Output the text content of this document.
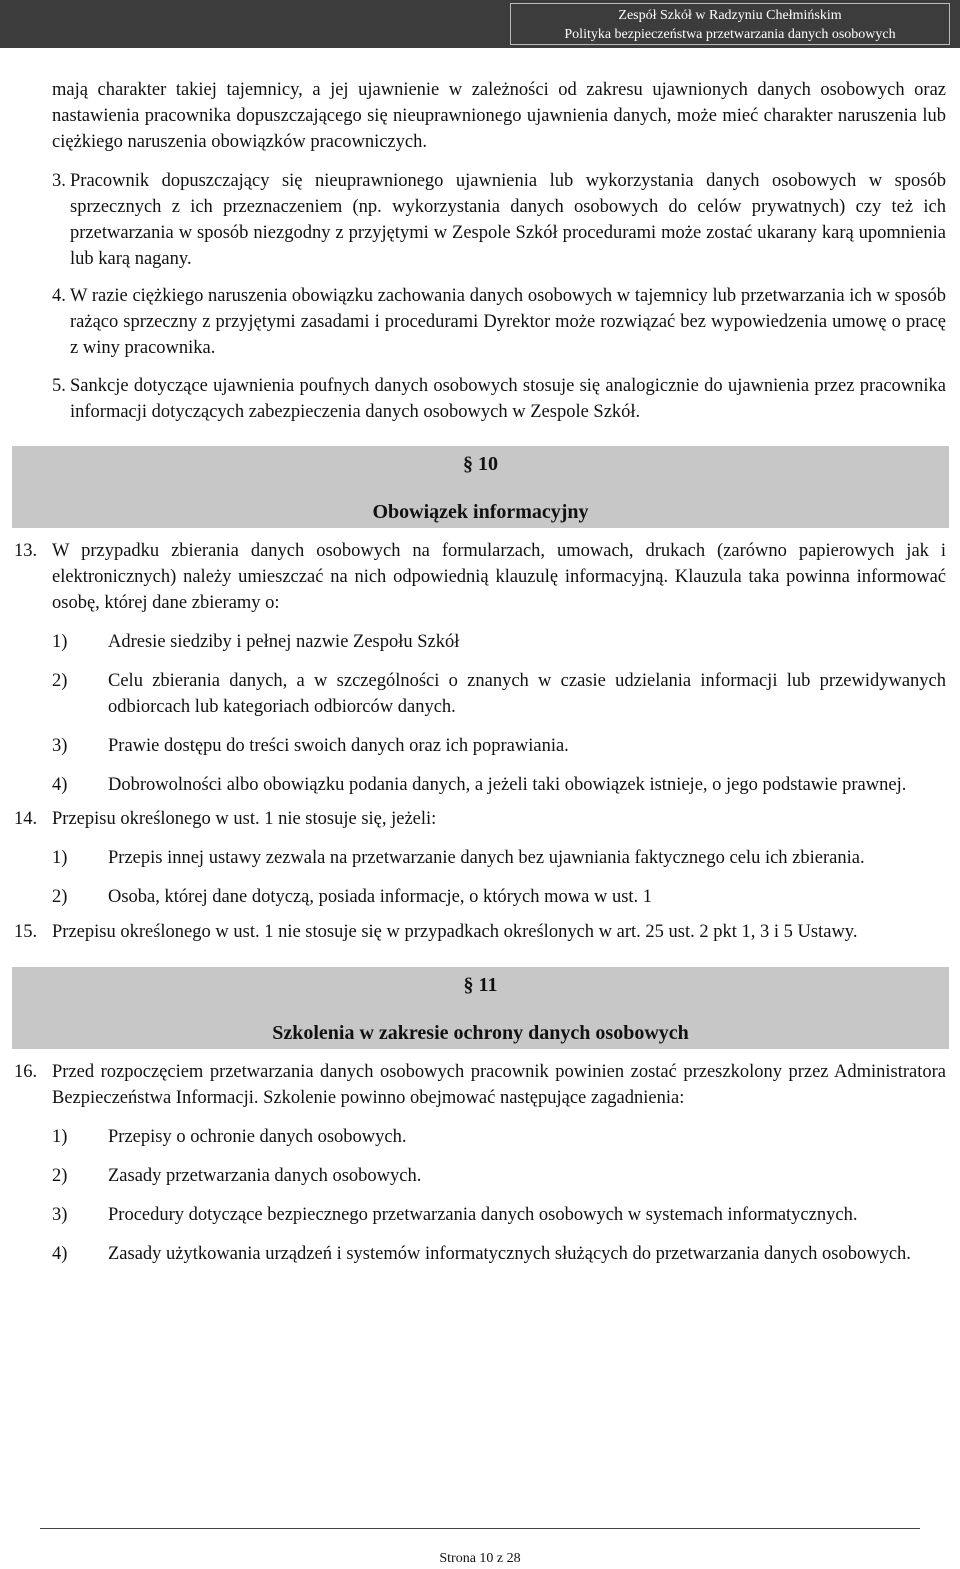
Zespół Szkół w Radzyniu Chełmińskim
Polityka bezpieczeństwa przetwarzania danych osobowych

mają charakter takiej tajemnicy, a jej ujawnienie w zależności od zakresu ujawnionych danych osobowych oraz nastawienia pracownika dopuszczającego się nieuprawnionego ujawnienia danych, może mieć charakter naruszenia lub ciężkiego naruszenia obowiązków pracowniczych.

3. Pracownik dopuszczający się nieuprawnionego ujawnienia lub wykorzystania danych osobowych w sposób sprzecznych z ich przeznaczeniem (np. wykorzystania danych osobowych do celów prywatnych) czy też ich przetwarzania w sposób niezgodny z przyjętymi w Zespole Szkół procedurami może zostać ukarany karą upomnienia lub karą nagany.
4. W razie ciężkiego naruszenia obowiązku zachowania danych osobowych w tajemnicy lub przetwarzania ich w sposób rażąco sprzeczny z przyjętymi zasadami i procedurami Dyrektor może rozwiązać bez wypowiedzenia umowę o pracę z winy pracownika.
5. Sankcje dotyczące ujawnienia poufnych danych osobowych stosuje się analogicznie do ujawnienia przez pracownika informacji dotyczących zabezpieczenia danych osobowych w Zespole Szkół.
§ 10
Obowiązek informacyjny
13. W przypadku zbierania danych osobowych na formularzach, umowach, drukach (zarówno papierowych jak i elektronicznych) należy umieszczać na nich odpowiednią klauzulę informacyjną. Klauzula taka powinna informować osobę, której dane zbieramy o:
1)	Adresie siedziby i pełnej nazwie Zespołu Szkół
2)	Celu zbierania danych, a w szczególności o znanych w czasie udzielania informacji lub przewidywanych odbiorcach lub kategoriach odbiorców danych.
3)	Prawie dostępu do treści swoich danych oraz ich poprawiania.
4)	Dobrowolności albo obowiązku podania danych, a jeżeli taki obowiązek istnieje, o jego podstawie prawnej.
14. Przepisu określonego w ust. 1 nie stosuje się, jeżeli:
1)	Przepis innej ustawy zezwala na przetwarzanie danych bez ujawniania faktycznego celu ich zbierania.
2)	Osoba, której dane dotyczą, posiada informacje, o których mowa w ust. 1
15. Przepisu określonego w ust. 1 nie stosuje się w przypadkach określonych w art. 25 ust. 2 pkt 1, 3 i 5 Ustawy.
§ 11
Szkolenia w zakresie ochrony danych osobowych
16. Przed rozpoczęciem przetwarzania danych osobowych pracownik powinien zostać przeszkolony przez Administratora Bezpieczeństwa Informacji. Szkolenie powinno obejmować następujące zagadnienia:
1)	Przepisy o ochronie danych osobowych.
2)	Zasady przetwarzania danych osobowych.
3)	Procedury dotyczące bezpiecznego przetwarzania danych osobowych w systemach informatycznych.
4)	Zasady użytkowania urządzeń i systemów informatycznych służących do przetwarzania danych osobowych.
Strona 10 z 28
